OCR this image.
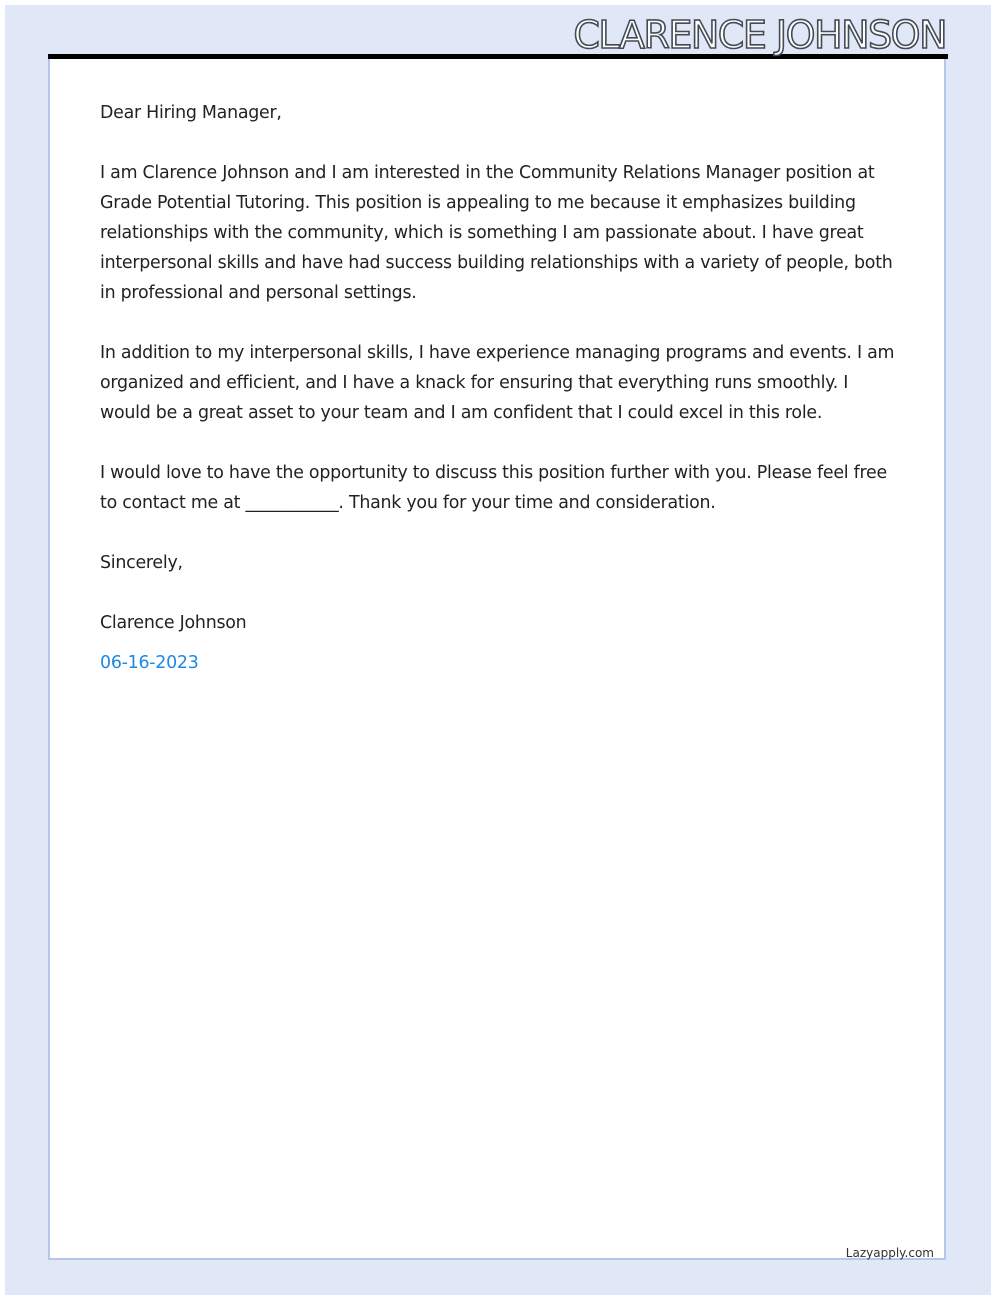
CLARENCE JOHNSON

Dear Hiring Manager,

I am Clarence Johnson and I am interested in the Community Relations Manager position at Grade Potential Tutoring. This position is appealing to me because it emphasizes building relationships with the community, which is something I am passionate about. I have great interpersonal skills and have had success building relationships with a variety of people, both in professional and personal settings.

In addition to my interpersonal skills, I have experience managing programs and events. I am organized and efficient, and I have a knack for ensuring that everything runs smoothly. I would be a great asset to your team and I am confident that I could excel in this role.

I would love to have the opportunity to discuss this position further with you. Please feel free to contact me at ___________. Thank you for your time and consideration.

Sincerely,

Clarence Johnson

06-16-2023
Lazyapply.com
